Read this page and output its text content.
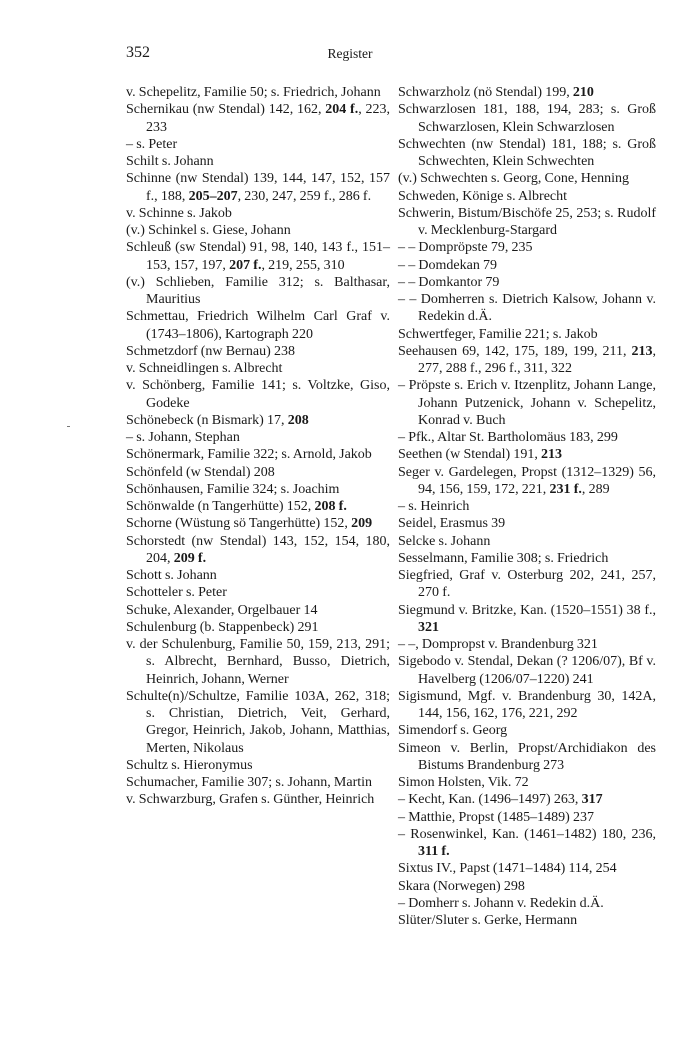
352	Register
v. Schepelitz, Familie 50; s. Friedrich, Johann
Schernikau (nw Stendal) 142, 162, 204 f., 223, 233
– s. Peter
Schilt s. Johann
Schinne (nw Stendal) 139, 144, 147, 152, 157 f., 188, 205–207, 230, 247, 259 f., 286 f.
v. Schinne s. Jakob
(v.) Schinkel s. Giese, Johann
Schleuß (sw Stendal) 91, 98, 140, 143 f., 151–153, 157, 197, 207 f., 219, 255, 310
(v.) Schlieben, Familie 312; s. Balthasar, Mauritius
Schmettau, Friedrich Wilhelm Carl Graf v. (1743–1806), Kartograph 220
Schmetzdorf (nw Bernau) 238
v. Schneidlingen s. Albrecht
v. Schönberg, Familie 141; s. Voltzke, Giso, Godeke
Schönebeck (n Bismark) 17, 208
– s. Johann, Stephan
Schönermark, Familie 322; s. Arnold, Jakob
Schönfeld (w Stendal) 208
Schönhausen, Familie 324; s. Joachim
Schönwalde (n Tangerhütte) 152, 208 f.
Schorne (Wüstung sö Tangerhütte) 152, 209
Schorstedt (nw Stendal) 143, 152, 154, 180, 204, 209 f.
Schott s. Johann
Schotteler s. Peter
Schuke, Alexander, Orgelbauer 14
Schulenburg (b. Stappenbeck) 291
v. der Schulenburg, Familie 50, 159, 213, 291; s. Albrecht, Bernhard, Busso, Dietrich, Heinrich, Johann, Werner
Schulte(n)/Schultze, Familie 103A, 262, 318; s. Christian, Dietrich, Veit, Gerhard, Gregor, Heinrich, Jakob, Johann, Matthias, Merten, Nikolaus
Schultz s. Hieronymus
Schumacher, Familie 307; s. Johann, Martin
v. Schwarzburg, Grafen s. Günther, Heinrich
Schwarzholz (nö Stendal) 199, 210
Schwarzlosen 181, 188, 194, 283; s. Groß Schwarzlosen, Klein Schwarzlosen
Schwechten (nw Stendal) 181, 188; s. Groß Schwechten, Klein Schwechten
(v.) Schwechten s. Georg, Cone, Henning
Schweden, Könige s. Albrecht
Schwerin, Bistum/Bischöfe 25, 253; s. Rudolf v. Mecklenburg-Stargard
– – Dompröpste 79, 235
– – Domdekan 79
– – Domkantor 79
– – Domherren s. Dietrich Kalsow, Johann v. Redekin d.Ä.
Schwertfeger, Familie 221; s. Jakob
Seehausen 69, 142, 175, 189, 199, 211, 213, 277, 288 f., 296 f., 311, 322
– Pröpste s. Erich v. Itzenplitz, Johann Lange, Johann Putzenick, Johann v. Schepelitz, Konrad v. Buch
– Pfk., Altar St. Bartholomäus 183, 299
Seethen (w Stendal) 191, 213
Seger v. Gardelegen, Propst (1312–1329) 56, 94, 156, 159, 172, 221, 231 f., 289
– s. Heinrich
Seidel, Erasmus 39
Selcke s. Johann
Sesselmann, Familie 308; s. Friedrich
Siegfried, Graf v. Osterburg 202, 241, 257, 270 f.
Siegmund v. Britzke, Kan. (1520–1551) 38 f., 321
– –, Dompropst v. Brandenburg 321
Sigebodo v. Stendal, Dekan (? 1206/07), Bf v. Havelberg (1206/07–1220) 241
Sigismund, Mgf. v. Brandenburg 30, 142A, 144, 156, 162, 176, 221, 292
Simendorf s. Georg
Simeon v. Berlin, Propst/Archidiakon des Bistums Brandenburg 273
Simon Holsten, Vik. 72
– Kecht, Kan. (1496–1497) 263, 317
– Matthie, Propst (1485–1489) 237
– Rosenwinkel, Kan. (1461–1482) 180, 236, 311 f.
Sixtus IV., Papst (1471–1484) 114, 254
Skara (Norwegen) 298
– Domherr s. Johann v. Redekin d.Ä.
Slüter/Sluter s. Gerke, Hermann
